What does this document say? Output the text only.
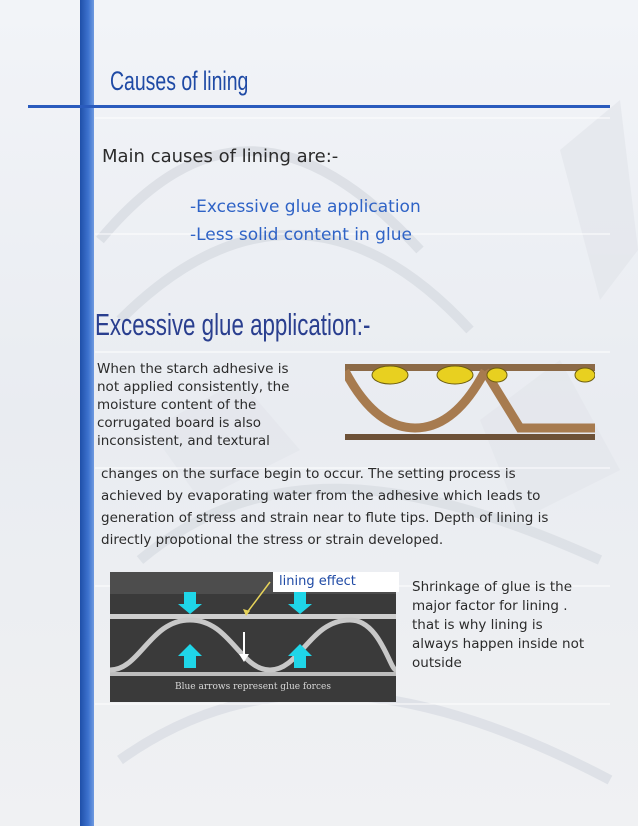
Causes of lining

Main causes of lining are:-

-Excessive glue application

-Less solid content in glue

Excessive glue application:-

When the starch adhesive is
not applied consistently, the
moisture content of the
corrugated board is also
inconsistent, and textural
changes on the surface begin to occur. The setting process is
achieved by evaporating water from the adhesive which leads to
generation of stress and strain near to flute tips. Depth of lining is
directly propotional the stress or strain developed.
lining effect
Blue arrows represent glue forces
Shrinkage of glue is the
major factor for lining .
that is why lining is
always happen inside not
outside
